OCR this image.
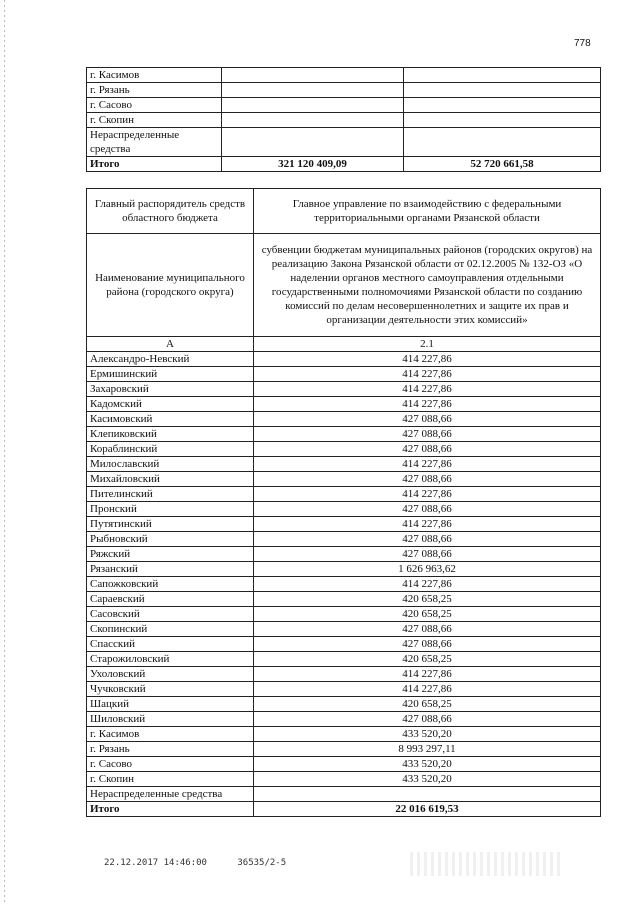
778
г. Касимов		
г. Рязань		
г. Сасово		
г. Скопин		
Нераспределенные средства		
Итого	321 120 409,09	52 720 661,58
Главный распорядитель средств областного бюджета	Главное управление по взаимодействию с федеральными территориальными органами Рязанской области
Наименование муниципального района (городского округа)	субвенции бюджетам муниципальных районов (городских округов) на реализацию Закона Рязанской области от 02.12.2005 № 132-ОЗ «О наделении органов местного самоуправления отдельными государственными полномочиями Рязанской области по созданию комиссий по делам несовершеннолетних и защите их прав и организации деятельности этих комиссий»
А	2.1
Александро-Невский	414 227,86
Ермишинский	414 227,86
Захаровский	414 227,86
Кадомский	414 227,86
Касимовский	427 088,66
Клепиковский	427 088,66
Кораблинский	427 088,66
Милославский	414 227,86
Михайловский	427 088,66
Пителинский	414 227,86
Пронский	427 088,66
Путятинский	414 227,86
Рыбновский	427 088,66
Ряжский	427 088,66
Рязанский	1 626 963,62
Сапожковский	414 227,86
Сараевский	420 658,25
Сасовский	420 658,25
Скопинский	427 088,66
Спасский	427 088,66
Старожиловский	420 658,25
Ухоловский	414 227,86
Чучковский	414 227,86
Шацкий	420 658,25
Шиловский	427 088,66
г. Касимов	433 520,20
г. Рязань	8 993 297,11
г. Сасово	433 520,20
г. Скопин	433 520,20
Нераспределенные средства	
Итого	22 016 619,53
22.12.2017 14:46:00	36535/2-5
